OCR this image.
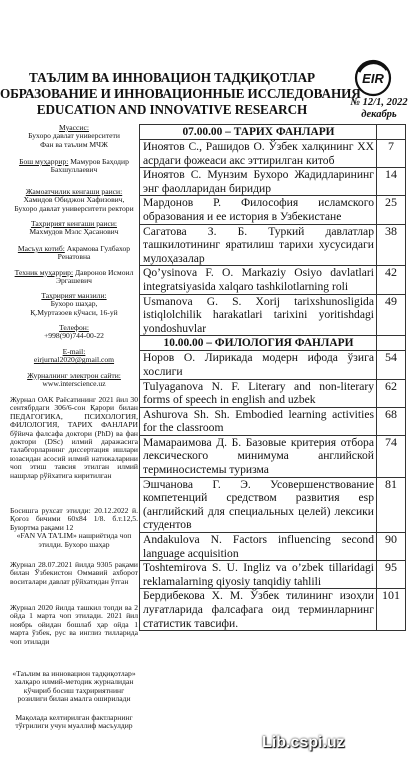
ТАЪЛИМ ВА ИННОВАЦИОН ТАДҚИҚОТЛАР
ОБРАЗОВАНИЕ И ИННОВАЦИОННЫЕ ИССЛЕДОВАНИЯ
EDUCATION AND INNOVATIVE RESEARCH
EIR
№ 12/1, 2022
декабрь
Муассис:
Бухоро давлат университети
Фан ва таълим МЧЖ
Бош муҳаррир: Мамуров Баҳодир
Бахшуллаевич
Жамоатчилик кенгаши раиси:
Хамидов Обиджон Хафизович,
Бухоро давлат университети ректори
Таҳририят кенгаши раиси:
Махмудов Мэлс Ҳасанович
Масъул котиб: Акрамова Гулбахор
Ренатовна
Техник муҳаррир: Давронов Исмоил
Эргашевич
Таҳририят манзили:
Бухоро шаҳар,
Қ.Муртазоев кўчаси, 16-уй
Телефон:
+998(90)744-00-22
E-mail:
eirjurnal2020@gmail.com
Журналнинг электрон сайти:
www.interscience.uz
Журнал ОАК Раёсатининг 2021 йил 30 сентябрдаги 306/6-сон Қарори билан ПЕДАГОГИКА, ПСИХОЛОГИЯ, ФИЛОЛОГИЯ, ТАРИХ ФАНЛАРИ бўйича фалсафа доктори (PhD) ва фан доктори (DSc) илмий даражасига талабгорларнинг диссертация ишлари юзасидан асосий илмий натижаларини чоп этиш тавсия этилган илмий нашрлар рўйхатига киритилган
Босишга рухсат этилди: 20.12.2022 й. Қоғоз бичими 60x84 1/8. б.т.12,5. Буюртма рақами 12
«FAN VA TA'LIM» нашриётида чоп этилди. Бухоро шаҳар
Журнал 28.07.2021 йилда 9305 рақами билан Ўзбекистон Оммавий ахборот воситалари давлат рўйхатидан ўтган
Журнал 2020 йилда ташкил топди ва 2 ойда 1 марта чоп этилади. 2021 йил ноябрь ойидан бошлаб ҳар ойда 1 марта ўзбек, рус ва инглиз тилларида чоп этилади
«Таълим ва инновацион тадқиқотлар» халқаро илмий-методик журналидан кўчириб босиш таҳририятнинг розилиги билан амалга оширилади
Мақолада келтирилган фактларнинг тўғрилиги учун муаллиф масъулдир
07.00.00 – ТАРИХ ФАНЛАРИ	
Иноятов С., Рашидов О. Ўзбек халқининг ХХ асрдаги фожеаси акс эттирилган китоб	7
Иноятов С. Мунзим Бухоро Жадидларининг энг фаолларидан биридир	14
Мардонов Р. Философия исламского образования и ее история в Узбекистане	25
Сагатова З. Б. Туркий давлатлар ташкилотининг яратилиш тарихи хусусидаги мулоҳазалар	38
Qo’ysinova F. O. Markaziy Osiyo davlatlari integratsiyasida xalqaro tashkilotlarning roli	42
Usmanova G. S. Xorij tarixshunosligida istiqlolchilik harakatlari tarixini yoritishdagi yondoshuvlar	49
10.00.00 – ФИЛОЛОГИЯ ФАНЛАРИ	
Норов О. Лирикада модерн ифода ўзига хослиги	54
Tulyaganova N. F. Literary and non-literary forms of speech in english and uzbek	62
Ashurova Sh. Sh. Embodied learning activities for the classroom	68
Мамараимова Д. Б. Базовые критерия отбора лексического минимума английской терминосистемы туризма	74
Эшчанова Г. Э. Усовершенствование компетенций средством развития esp (английский для специальных целей) лексики студентов	81
Andakulova N. Factors influencing second language acquisition	90
Toshtemirova S. U. Ingliz va o’zbek tillaridagi reklamalarning qiyosiy tanqidiy tahlili	95
Бердибекова Х. М. Ўзбек тилининг изоҳли луғатларида фалсафага оид терминларнинг статистик тавсифи.	101
Lib.cspi.uz
